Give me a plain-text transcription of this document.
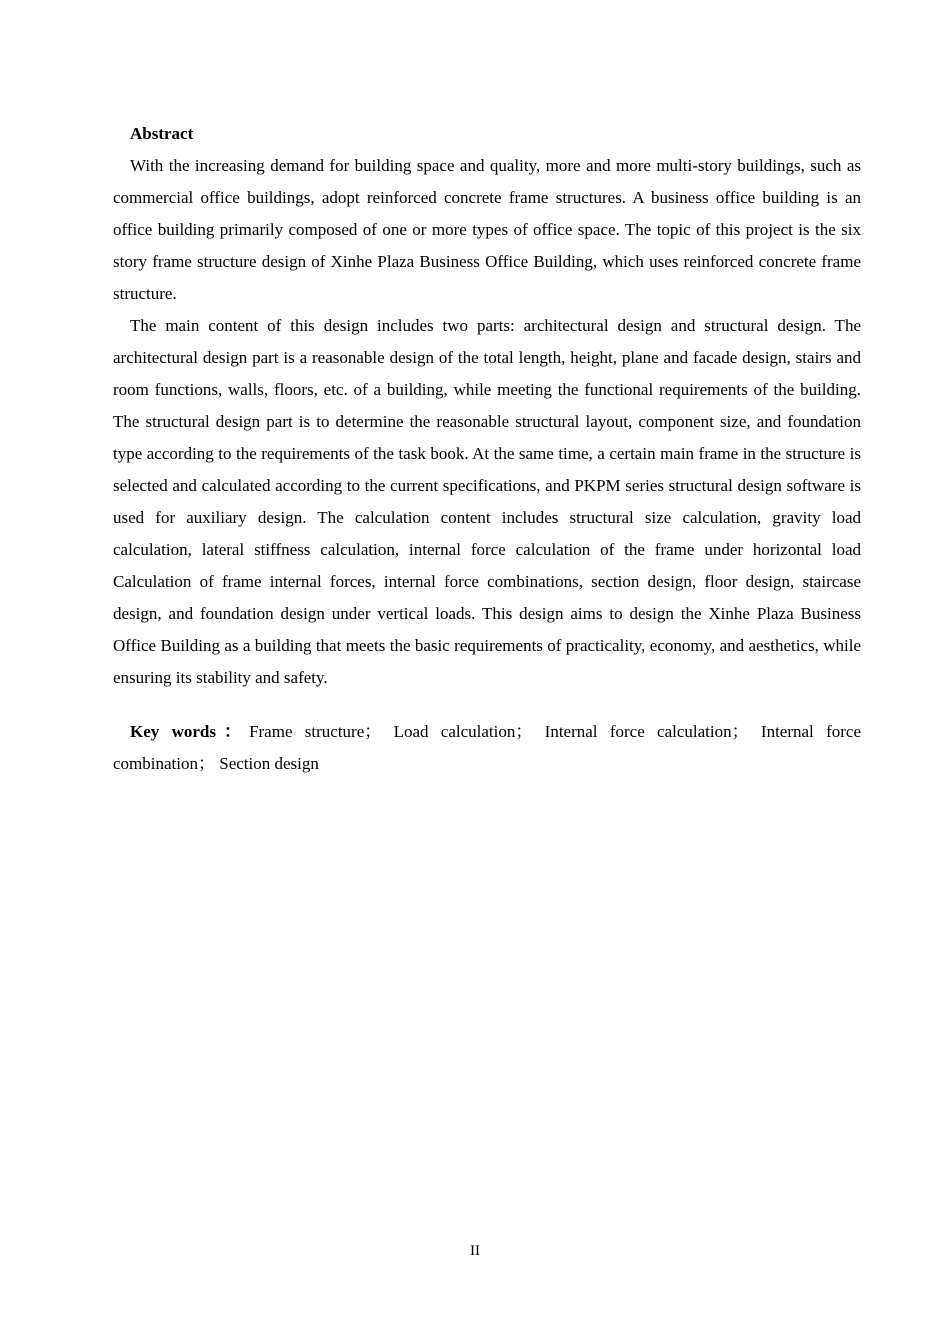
Abstract

With the increasing demand for building space and quality, more and more multi-story buildings, such as commercial office buildings, adopt reinforced concrete frame structures. A business office building is an office building primarily composed of one or more types of office space. The topic of this project is the six story frame structure design of Xinhe Plaza Business Office Building, which uses reinforced concrete frame structure.

The main content of this design includes two parts: architectural design and structural design. The architectural design part is a reasonable design of the total length, height, plane and facade design, stairs and room functions, walls, floors, etc. of a building, while meeting the functional requirements of the building. The structural design part is to determine the reasonable structural layout, component size, and foundation type according to the requirements of the task book. At the same time, a certain main frame in the structure is selected and calculated according to the current specifications, and PKPM series structural design software is used for auxiliary design. The calculation content includes structural size calculation, gravity load calculation, lateral stiffness calculation, internal force calculation of the frame under horizontal load Calculation of frame internal forces, internal force combinations, section design, floor design, staircase design, and foundation design under vertical loads. This design aims to design the Xinhe Plaza Business Office Building as a building that meets the basic requirements of practicality, economy, and aesthetics, while ensuring its stability and safety.

Key words：Frame structure； Load calculation； Internal force calculation； Internal force combination； Section design

II
